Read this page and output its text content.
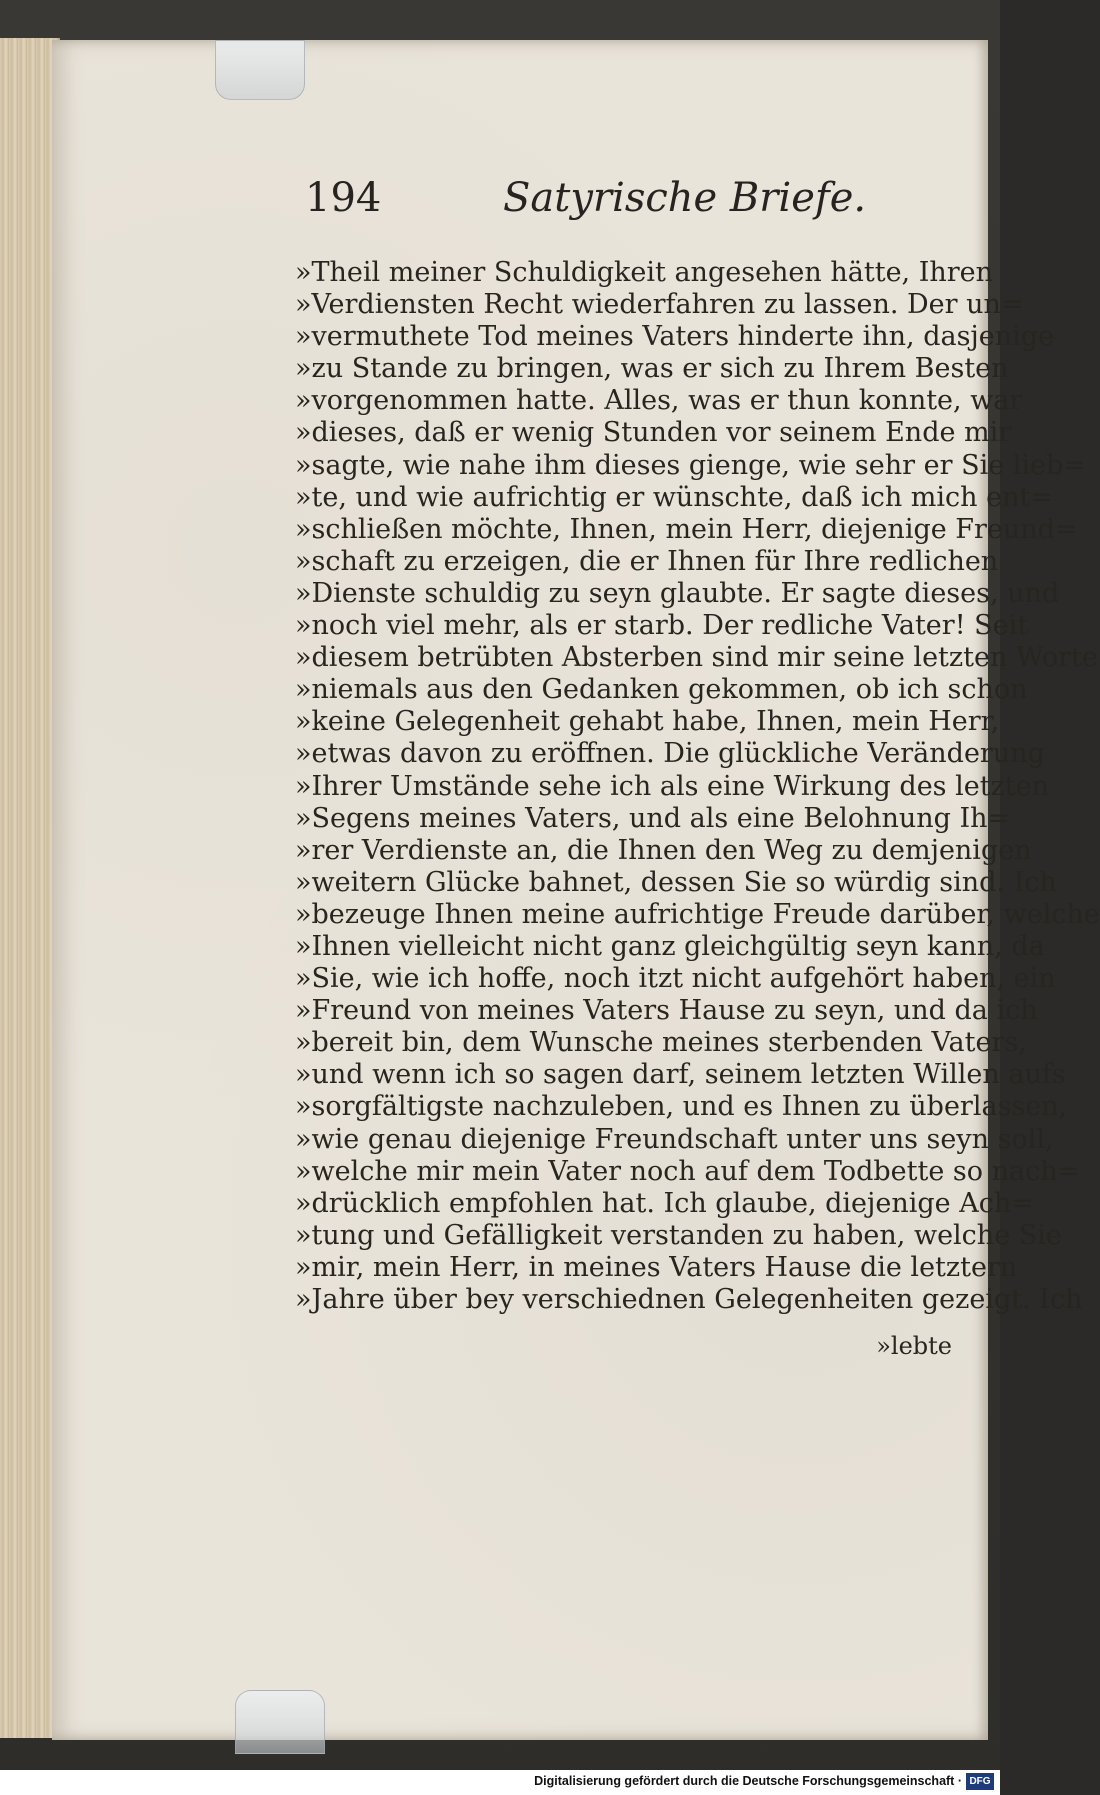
194	Satyrische Briefe.
»Theil meiner Schuldigkeit angesehen hätte, Ihren
»Verdiensten Recht wiederfahren zu lassen. Der un=
»vermuthete Tod meines Vaters hinderte ihn, dasjenige
»zu Stande zu bringen, was er sich zu Ihrem Besten
»vorgenommen hatte. Alles, was er thun konnte, war
»dieses, daß er wenig Stunden vor seinem Ende mir
»sagte, wie nahe ihm dieses gienge, wie sehr er Sie lieb=
»te, und wie aufrichtig er wünschte, daß ich mich ent=
»schließen möchte, Ihnen, mein Herr, diejenige Freund=
»schaft zu erzeigen, die er Ihnen für Ihre redlichen
»Dienste schuldig zu seyn glaubte. Er sagte dieses, und
»noch viel mehr, als er starb. Der redliche Vater! Seit
»diesem betrübten Absterben sind mir seine letzten Worte
»niemals aus den Gedanken gekommen, ob ich schon
»keine Gelegenheit gehabt habe, Ihnen, mein Herr,
»etwas davon zu eröffnen. Die glückliche Veränderung
»Ihrer Umstände sehe ich als eine Wirkung des letzten
»Segens meines Vaters, und als eine Belohnung Ih=
»rer Verdienste an, die Ihnen den Weg zu demjenigen
»weitern Glücke bahnet, dessen Sie so würdig sind. Ich
»bezeuge Ihnen meine aufrichtige Freude darüber, welche
»Ihnen vielleicht nicht ganz gleichgültig seyn kann, da
»Sie, wie ich hoffe, noch itzt nicht aufgehört haben, ein
»Freund von meines Vaters Hause zu seyn, und da ich
»bereit bin, dem Wunsche meines sterbenden Vaters,
»und wenn ich so sagen darf, seinem letzten Willen aufs
»sorgfältigste nachzuleben, und es Ihnen zu überlassen,
»wie genau diejenige Freundschaft unter uns seyn soll,
»welche mir mein Vater noch auf dem Todbette so nach=
»drücklich empfohlen hat. Ich glaube, diejenige Ach=
»tung und Gefälligkeit verstanden zu haben, welche Sie
»mir, mein Herr, in meines Vaters Hause die letztern
»Jahre über bey verschiednen Gelegenheiten gezeigt. Ich
»lebte
Digitalisierung gefördert durch die Deutsche Forschungsgemeinschaft · DFG
